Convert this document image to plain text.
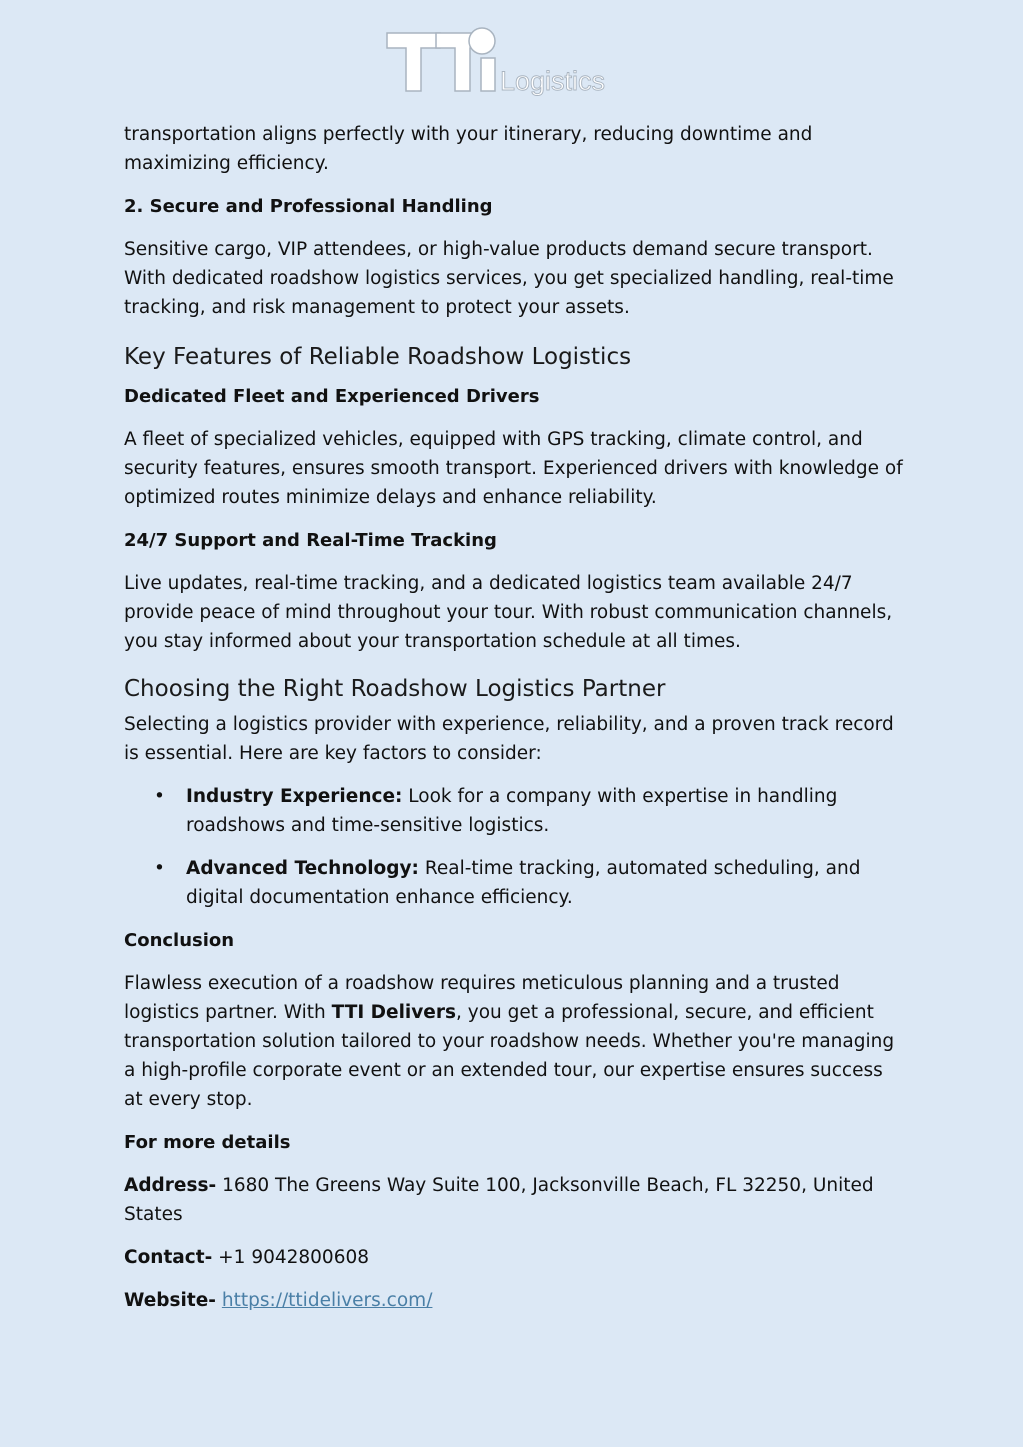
Logistics

transportation aligns perfectly with your itinerary, reducing downtime and maximizing efficiency.

2. Secure and Professional Handling

Sensitive cargo, VIP attendees, or high-value products demand secure transport. With dedicated roadshow logistics services, you get specialized handling, real-time tracking, and risk management to protect your assets.

Key Features of Reliable Roadshow Logistics

Dedicated Fleet and Experienced Drivers

A fleet of specialized vehicles, equipped with GPS tracking, climate control, and security features, ensures smooth transport. Experienced drivers with knowledge of optimized routes minimize delays and enhance reliability.

24/7 Support and Real-Time Tracking

Live updates, real-time tracking, and a dedicated logistics team available 24/7 provide peace of mind throughout your tour. With robust communication channels, you stay informed about your transportation schedule at all times.

Choosing the Right Roadshow Logistics Partner

Selecting a logistics provider with experience, reliability, and a proven track record is essential. Here are key factors to consider:

• Industry Experience: Look for a company with expertise in handling roadshows and time-sensitive logistics.
• Advanced Technology: Real-time tracking, automated scheduling, and digital documentation enhance efficiency.

Conclusion

Flawless execution of a roadshow requires meticulous planning and a trusted logistics partner. With TTI Delivers, you get a professional, secure, and efficient transportation solution tailored to your roadshow needs. Whether you're managing a high-profile corporate event or an extended tour, our expertise ensures success at every stop.

For more details

Address- 1680 The Greens Way Suite 100, Jacksonville Beach, FL 32250, United States

Contact- +1 9042800608

Website- https://ttidelivers.com/
